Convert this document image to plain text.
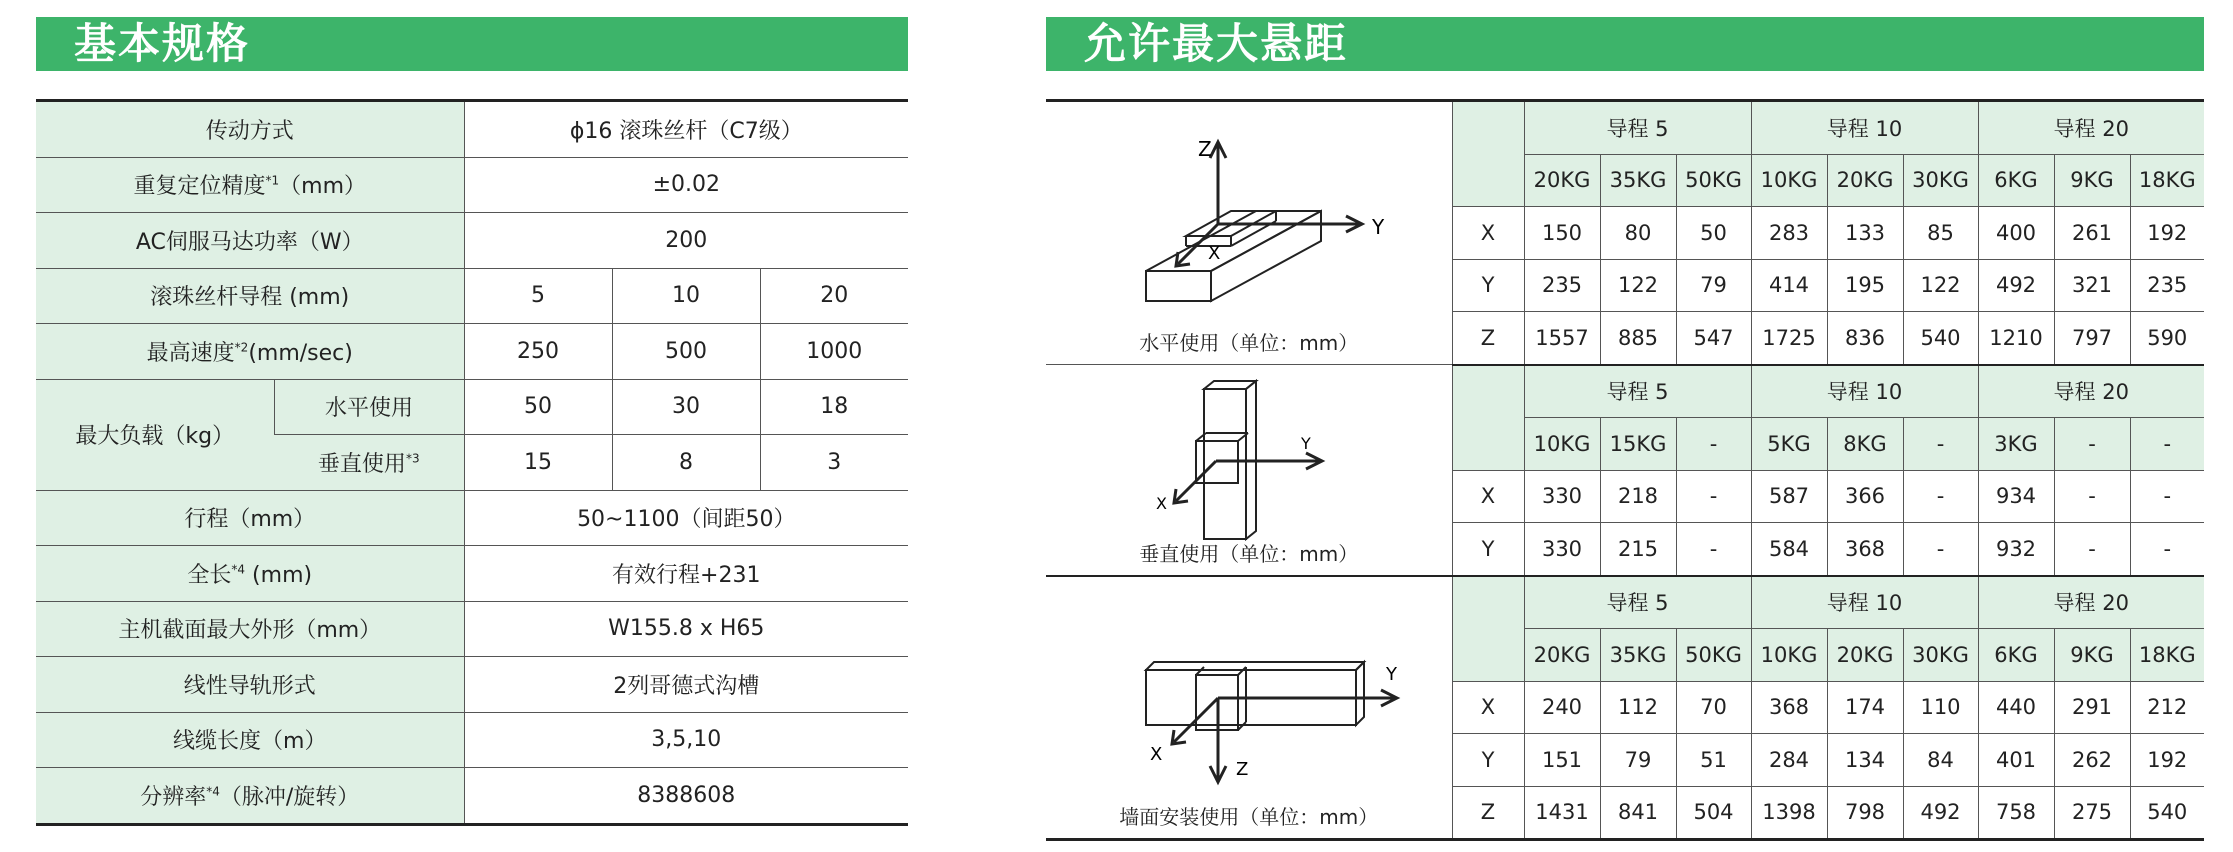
基本规格	允许最大悬距
传动方式		ϕ16 滚珠丝杆（C7级）		
重复定位精度$^{*1}$（mm）		±0.02		
AC伺服马达功率（W）		200		
滚珠丝杆导程 (mm)		5	10	20
最高速度$^{*2}$(mm/sec)		250	500	1000
最大负载（kg）	水平使用	50	30	18
	垂直使用$^{*3}$	15	8	3
行程（mm）		50~1100（间距50）		
全长$^{*4}$ (mm)		有效行程+231		
主机截面最大外形（mm）		W155.8 x H65		
线性导轨形式		2列哥德式沟槽		
线缆长度（m）		3,5,10		
分辨率$^{*4}$（脉冲/旋转）		8388608		
Z
Y
X
水平使用（单位：mm）		导程 5			导程 10			导程 20		
		20KG	35KG	50KG	10KG	20KG	30KG	6KG	9KG	18KG
	X	150	80	50	283	133	85	400	261	192
	Y	235	122	79	414	195	122	492	321	235
	Z	1557	885	547	1725	836	540	1210	797	590

Y
X
垂直使用（单位：mm）		导程 5			导程 10			导程 20		
		10KG	15KG	-	5KG	8KG	-	3KG	-	-
	X	330	218	-	587	366	-	934	-	-
	Y	330	215	-	584	368	-	932	-	-

Y
X
Z
墙面安装使用（单位：mm）		导程 5			导程 10			导程 20		
		20KG	35KG	50KG	10KG	20KG	30KG	6KG	9KG	18KG
	X	240	112	70	368	174	110	440	291	212
	Y	151	79	51	284	134	84	401	262	192
	Z	1431	841	504	1398	798	492	758	275	540
